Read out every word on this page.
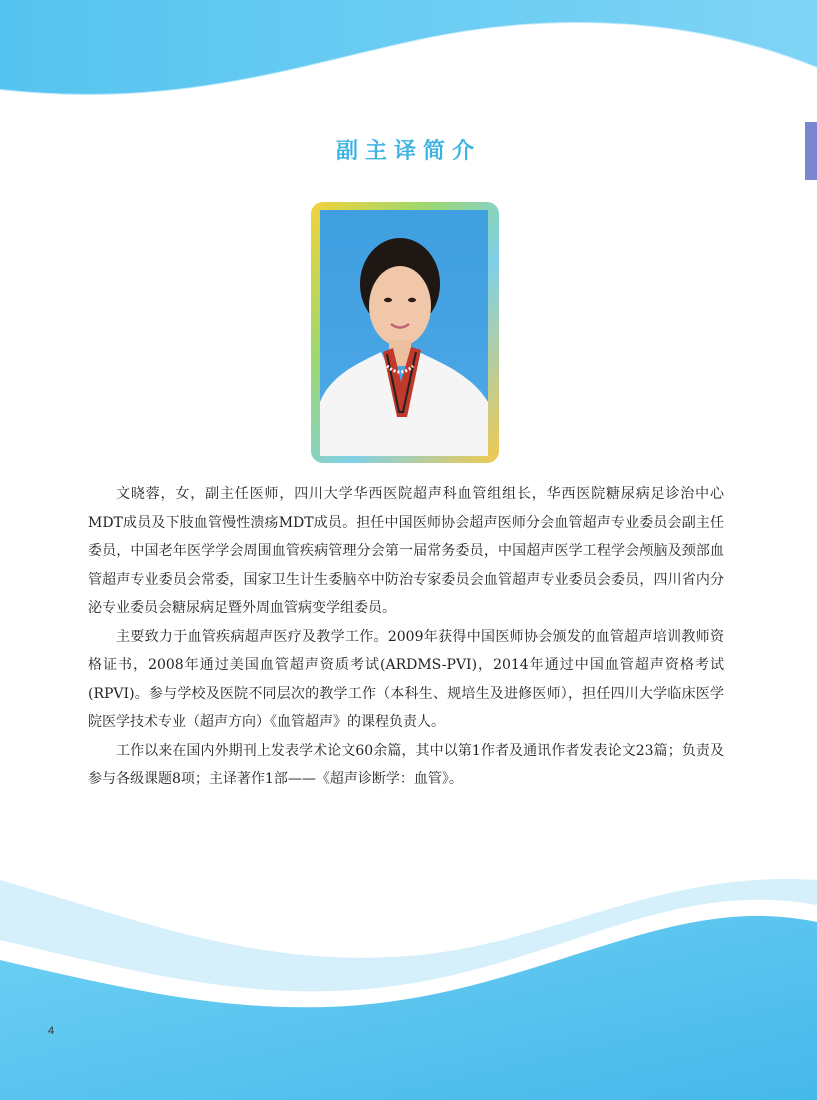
副主译简介

文晓蓉，女，副主任医师，四川大学华西医院超声科血管组组长，华西医院糖尿病足诊治中心MDT成员及下肢血管慢性溃疡MDT成员。担任中国医师协会超声医师分会血管超声专业委员会副主任委员，中国老年医学学会周围血管疾病管理分会第一届常务委员，中国超声医学工程学会颅脑及颈部血管超声专业委员会常委，国家卫生计生委脑卒中防治专家委员会血管超声专业委员会委员，四川省内分泌专业委员会糖尿病足暨外周血管病变学组委员。

主要致力于血管疾病超声医疗及教学工作。2009年获得中国医师协会颁发的血管超声培训教师资格证书，2008年通过美国血管超声资质考试(ARDMS-PVI)，2014年通过中国血管超声资格考试(RPVI)。参与学校及医院不同层次的教学工作（本科生、规培生及进修医师），担任四川大学临床医学院医学技术专业（超声方向）《血管超声》的课程负责人。

工作以来在国内外期刊上发表学术论文60余篇，其中以第1作者及通讯作者发表论文23篇；负责及参与各级课题8项；主译著作1部——《超声诊断学：血管》。

4
